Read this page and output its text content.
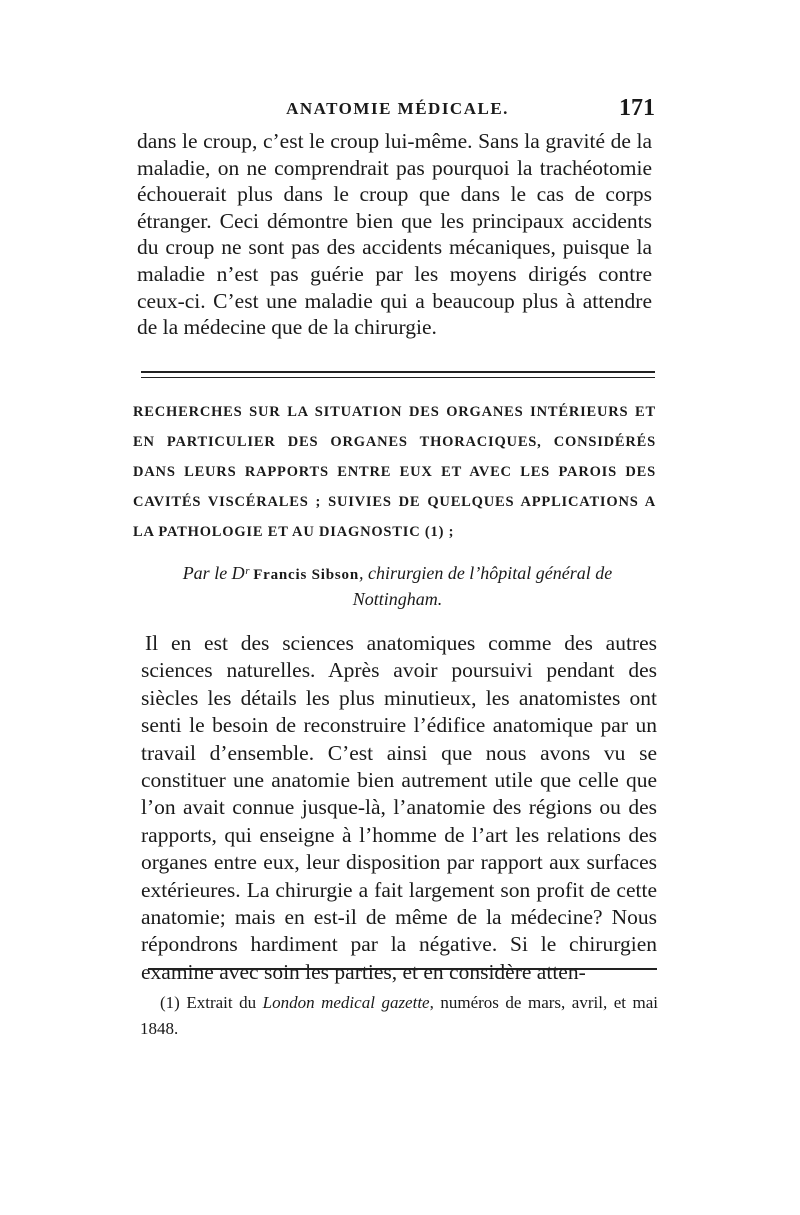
ANATOMIE MÉDICALE.	171

dans le croup, c’est le croup lui-même. Sans la gravité de la maladie, on ne comprendrait pas pourquoi la trachéotomie échouerait plus dans le croup que dans le cas de corps étranger. Ceci démontre bien que les principaux accidents du croup ne sont pas des accidents mécaniques, puisque la maladie n’est pas guérie par les moyens dirigés contre ceux-ci. C’est une maladie qui a beaucoup plus à attendre de la médecine que de la chirurgie.

RECHERCHES SUR LA SITUATION DES ORGANES INTÉRIEURS ET EN PARTICULIER DES ORGANES THORACIQUES, CONSIDÉRÉS DANS LEURS RAPPORTS ENTRE EUX ET AVEC LES PAROIS DES CAVITÉS VISCÉRALES ; SUIVIES DE QUELQUES APPLICATIONS A LA PATHOLOGIE ET AU DIAGNOSTIC (1) ;

Par le Dʳ Francis Sibson, chirurgien de l’hôpital général de Nottingham.

Il en est des sciences anatomiques comme des autres sciences naturelles. Après avoir poursuivi pendant des siècles les détails les plus minutieux, les anatomistes ont senti le besoin de reconstruire l’édifice anatomique par un travail d’ensemble. C’est ainsi que nous avons vu se constituer une anatomie bien autrement utile que celle que l’on avait connue jusque-là, l’anatomie des régions ou des rapports, qui enseigne à l’homme de l’art les relations des organes entre eux, leur disposition par rapport aux surfaces extérieures. La chirurgie a fait largement son profit de cette anatomie; mais en est-il de même de la médecine? Nous répondrons hardiment par la négative. Si le chirurgien examine avec soin les parties, et en considère atten-

(1) Extrait du London medical gazette, numéros de mars, avril, et mai 1848.
